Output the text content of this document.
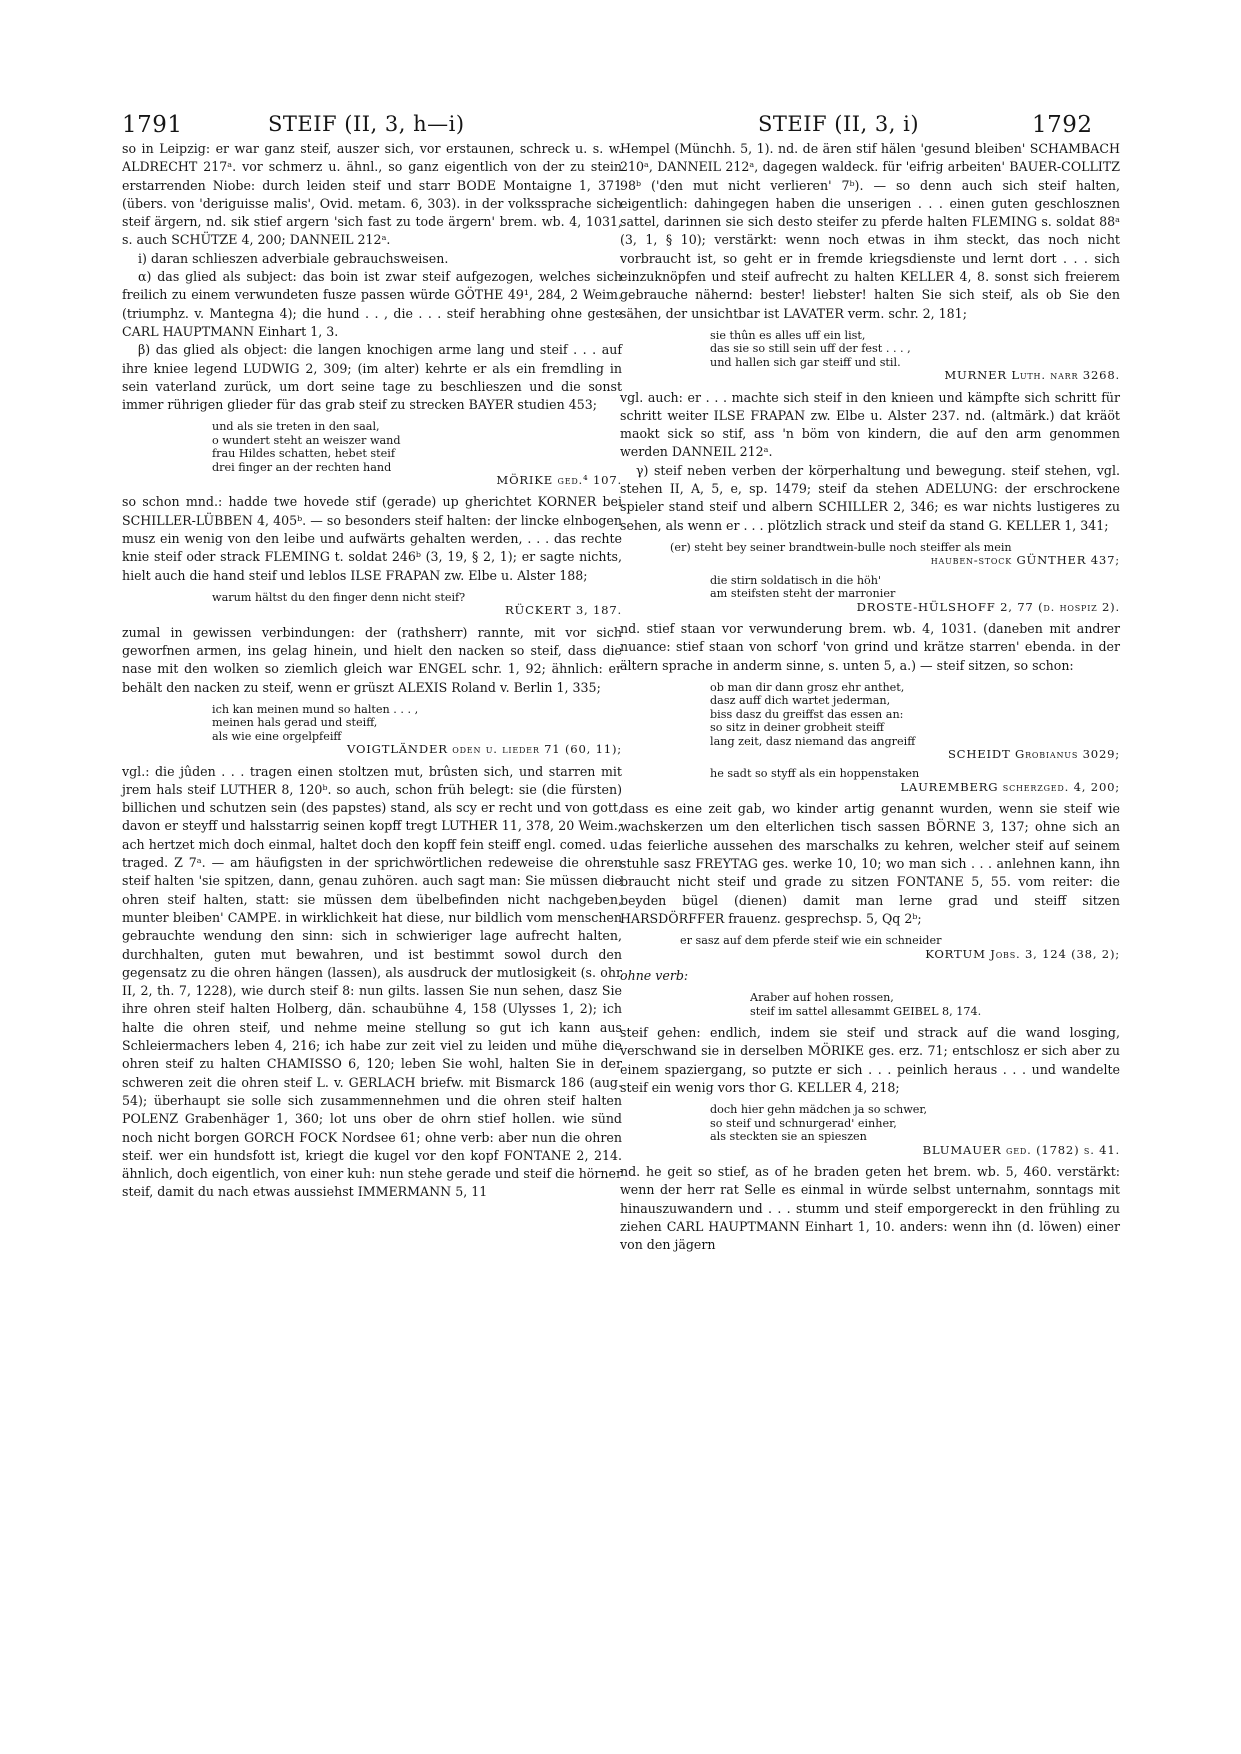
1791	STEIF (II, 3, h—i)	STEIF (II, 3, i)	1792

so in Leipzig: er war ganz steif, auszer sich, vor erstaunen, schreck u. s. w. ALDRECHT 217ᵃ. vor schmerz u. ähnl., so ganz eigentlich von der zu stein erstarrenden Niobe: durch leiden steif und starr BODE Montaigne 1, 371 (übers. von 'deriguisse malis', Ovid. metam. 6, 303). in der volkssprache sich steif ärgern, nd. sik stief argern 'sich fast zu tode ärgern' brem. wb. 4, 1031, s. auch SCHÜTZE 4, 200; DANNEIL 212ᵃ.

i) daran schlieszen adverbiale gebrauchsweisen.

α) das glied als subject: das boin ist zwar steif aufgezogen, welches sich freilich zu einem verwundeten fusze passen würde GÖTHE 49¹, 284, 2 Weim. (triumphz. v. Mantegna 4); die hund . . , die . . . steif herabhing ohne geste CARL HAUPTMANN Einhart 1, 3.

β) das glied als object: die langen knochigen arme lang und steif . . . auf ihre kniee legend LUDWIG 2, 309; (im alter) kehrte er als ein fremdling in sein vaterland zurück, um dort seine tage zu beschlieszen und die sonst immer rührigen glieder für das grab steif zu strecken BAYER studien 453;

und als sie treten in den saal,
o wundert steht an weiszer wand
frau Hildes schatten, hebet steif
drei finger an der rechten hand
MÖRIKE ged.⁴ 107.

so schon mnd.: hadde twe hovede stif (gerade) up gherichtet KORNER bei SCHILLER-LÜBBEN 4, 405ᵇ. — so besonders steif halten: der lincke elnbogen musz ein wenig von den leibe und aufwärts gehalten werden, . . . das rechte knie steif oder strack FLEMING t. soldat 246ᵇ (3, 19, § 2, 1); er sagte nichts, hielt auch die hand steif und leblos ILSE FRAPAN zw. Elbe u. Alster 188;

warum hältst du den finger denn nicht steif?
RÜCKERT 3, 187.

zumal in gewissen verbindungen: der (rathsherr) rannte, mit vor sich geworfnen armen, ins gelag hinein, und hielt den nacken so steif, dass die nase mit den wolken so ziemlich gleich war ENGEL schr. 1, 92; ähnlich: er behält den nacken zu steif, wenn er grüszt ALEXIS Roland v. Berlin 1, 335;

ich kan meinen mund so halten . . . ,
meinen hals gerad und steiff,
als wie eine orgelpfeiff
VOIGTLÄNDER oden u. lieder 71 (60, 11);

vgl.: die jûden . . . tragen einen stoltzen mut, brûsten sich, und starren mit jrem hals steif LUTHER 8, 120ᵇ. so auch, schon früh belegt: sie (die fürsten) billichen und schutzen sein (des papstes) stand, als scy er recht und von gott, davon er steyff und halsstarrig seinen kopff tregt LUTHER 11, 378, 20 Weim.; ach hertzet mich doch einmal, haltet doch den kopff fein steiff engl. comed. u. traged. Z 7ᵃ. — am häufigsten in der sprichwörtlichen redeweise die ohren steif halten 'sie spitzen, dann, genau zuhören. auch sagt man: Sie müssen die ohren steif halten, statt: sie müssen dem übelbefinden nicht nachgeben, munter bleiben' CAMPE. in wirklichkeit hat diese, nur bildlich vom menschen gebrauchte wendung den sinn: sich in schwieriger lage aufrecht halten, durchhalten, guten mut bewahren, und ist bestimmt sowol durch den gegensatz zu die ohren hängen (lassen), als ausdruck der mutlosigkeit (s. ohr II, 2, th. 7, 1228), wie durch steif 8: nun gilts. lassen Sie nun sehen, dasz Sie ihre ohren steif halten Holberg, dän. schaubühne 4, 158 (Ulysses 1, 2); ich halte die ohren steif, und nehme meine stellung so gut ich kann aus Schleiermachers leben 4, 216; ich habe zur zeit viel zu leiden und mühe die ohren steif zu halten CHAMISSO 6, 120; leben Sie wohl, halten Sie in der schweren zeit die ohren steif L. v. GERLACH briefw. mit Bismarck 186 (aug. 54); überhaupt sie solle sich zusammennehmen und die ohren steif halten POLENZ Grabenhäger 1, 360; lot uns ober de ohrn stief hollen. wie sünd noch nicht borgen GORCH FOCK Nordsee 61; ohne verb: aber nun die ohren steif. wer ein hundsfott ist, kriegt die kugel vor den kopf FONTANE 2, 214. ähnlich, doch eigentlich, von einer kuh: nun stehe gerade und steif die hörner steif, damit du nach etwas aussiehst IMMERMANN 5, 11

Hempel (Münchh. 5, 1). nd. de ären stif hälen 'gesund bleiben' SCHAMBACH 210ᵃ, DANNEIL 212ᵃ, dagegen waldeck. für 'eifrig arbeiten' BAUER-COLLITZ 98ᵇ ('den mut nicht verlieren' 7ᵇ). — so denn auch sich steif halten, eigentlich: dahingegen haben die unserigen . . . einen guten geschlosznen sattel, darinnen sie sich desto steifer zu pferde halten FLEMING s. soldat 88ᵃ (3, 1, § 10); verstärkt: wenn noch etwas in ihm steckt, das noch nicht vorbraucht ist, so geht er in fremde kriegsdienste und lernt dort . . . sich einzuknöpfen und steif aufrecht zu halten KELLER 4, 8. sonst sich freierem gebrauche nähernd: bester! liebster! halten Sie sich steif, als ob Sie den sähen, der unsichtbar ist LAVATER verm. schr. 2, 181;

sie thûn es alles uff ein list,
das sie so still sein uff der fest . . . ,
und hallen sich gar steiff und stil.
MURNER Luth. narr 3268.

vgl. auch: er . . . machte sich steif in den knieen und kämpfte sich schritt für schritt weiter ILSE FRAPAN zw. Elbe u. Alster 237. nd. (altmärk.) dat kräöt maokt sick so stif, ass 'n böm von kindern, die auf den arm genommen werden DANNEIL 212ᵃ.

γ) steif neben verben der körperhaltung und bewegung. steif stehen, vgl. stehen II, A, 5, e, sp. 1479; steif da stehen ADELUNG: der erschrockene spieler stand steif und albern SCHILLER 2, 346; es war nichts lustigeres zu sehen, als wenn er . . . plötzlich strack und steif da stand G. KELLER 1, 341;

(er) steht bey seiner brandtwein-bulle noch steiffer als mein
hauben-stock GÜNTHER 437;
die stirn soldatisch in die höh'
am steifsten steht der marronier
DROSTE-HÜLSHOFF 2, 77 (d. hospiz 2).

nd. stief staan vor verwunderung brem. wb. 4, 1031. (daneben mit andrer nuance: stief staan von schorf 'von grind und krätze starren' ebenda. in der ältern sprache in anderm sinne, s. unten 5, a.) — steif sitzen, so schon:

ob man dir dann grosz ehr anthet,
dasz auff dich wartet jederman,
biss dasz du greiffst das essen an:
so sitz in deiner grobheit steiff
lang zeit, dasz niemand das angreiff
SCHEIDT Grobianus 3029;
he sadt so styff als ein hoppenstaken
LAUREMBERG scherzged. 4, 200;

dass es eine zeit gab, wo kinder artig genannt wurden, wenn sie steif wie wachskerzen um den elterlichen tisch sassen BÖRNE 3, 137; ohne sich an das feierliche aussehen des marschalks zu kehren, welcher steif auf seinem stuhle sasz FREYTAG ges. werke 10, 10; wo man sich . . . anlehnen kann, ihn braucht nicht steif und grade zu sitzen FONTANE 5, 55. vom reiter: die beyden bügel (dienen) damit man lerne grad und steiff sitzen HARSDÖRFFER frauenz. gesprechsp. 5, Qq 2ᵇ;

er sasz auf dem pferde steif wie ein schneider
KORTUM Jobs. 3, 124 (38, 2);

ohne verb:

Araber auf hohen rossen,
steif im sattel allesammt GEIBEL 8, 174.

steif gehen: endlich, indem sie steif und strack auf die wand losging, verschwand sie in derselben MÖRIKE ges. erz. 71; entschlosz er sich aber zu einem spaziergang, so putzte er sich . . . peinlich heraus . . . und wandelte steif ein wenig vors thor G. KELLER 4, 218;

doch hier gehn mädchen ja so schwer,
so steif und schnurgerad' einher,
als steckten sie an spieszen
BLUMAUER ged. (1782) s. 41.

nd. he geit so stief, as of he braden geten het brem. wb. 5, 460. verstärkt: wenn der herr rat Selle es einmal in würde selbst unternahm, sonntags mit hinauszuwandern und . . . stumm und steif emporgereckt in den frühling zu ziehen CARL HAUPTMANN Einhart 1, 10. anders: wenn ihn (d. löwen) einer von den jägern
